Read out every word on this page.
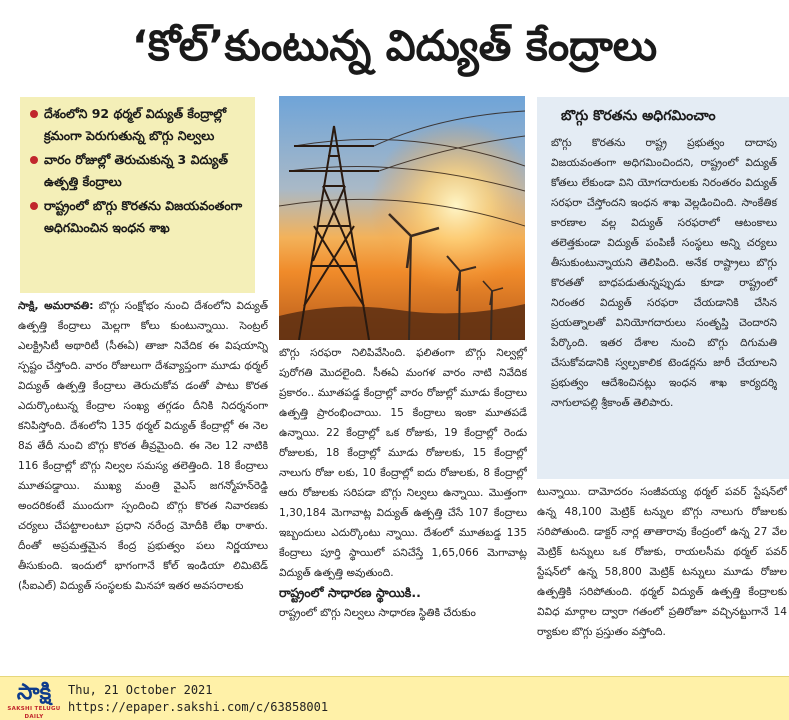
‘కోల్’కుంటున్న విద్యుత్ కేంద్రాలు
దేశంలోని 92 థర్మల్ విద్యుత్ కేంద్రాల్లో క్రమంగా పెరుగుతున్న బొగ్గు నిల్వలు
వారం రోజుల్లో తెరుచుకున్న 3 విద్యుత్ ఉత్పత్తి కేంద్రాలు
రాష్ట్రంలో బొగ్గు కొరతను విజయవంతంగా అధిగమించిన ఇంధన శాఖ
బొగ్గు కొరతను అధిగమించాం
బొగ్గు కొరతను రాష్ట్ర ప్రభుత్వం దాదాపు విజయవంతంగా అధిగమించిందని, రాష్ట్రంలో విద్యుత్ కోతలు లేకుండా విని యోగదారులకు నిరంతరం విద్యుత్ సరఫరా చేస్తోందని ఇంధన శాఖ వెల్లడించింది. సాంకేతిక కారణాల వల్ల విద్యుత్ సరఫరాలో ఆటంకాలు తలెత్తకుండా విద్యుత్ పంపిణీ సంస్థలు అన్ని చర్యలు తీసుకుంటున్నాయని తెలిపింది. అనేక రాష్ట్రాలు బొగ్గు కొరతతో బాధపడుతున్నప్పుడు కూడా రాష్ట్రంలో నిరంతర విద్యుత్ సరఫరా చేయడానికి చేసిన ప్రయత్నాలతో వినియోగదారులు సంతృప్తి చెందారని పేర్కొంది. ఇతర దేశాల నుంచి బొగ్గు దిగుమతి చేసుకోవడానికి స్వల్పకాలిక టెండర్లను జారీ చేయాలని ప్రభుత్వం ఆదేశించినట్లు ఇంధన శాఖ కార్యదర్శి నాగులాపల్లి శ్రీకాంత్ తెలిపారు.
సాక్షి, అమరావతి: బొగ్గు సంక్షోభం నుంచి దేశంలోని విద్యుత్ ఉత్పత్తి కేంద్రాలు మెల్లగా కోలు కుంటున్నాయి. సెంట్రల్ ఎలక్ట్రిసిటీ అథారిటీ (సీఈఏ) తాజా నివేదిక ఈ విషయాన్ని స్పష్టం చేస్తోంది. వారం రోజులుగా దేశవ్యాప్తంగా మూడు థర్మల్ విద్యుత్ ఉత్పత్తి కేంద్రాలు తెరుచుకోవ డంతో పాటు కొరత ఎదుర్కొంటున్న కేంద్రాల సంఖ్య తగ్గడం దీనికి నిదర్శనంగా కనిపిస్తోంది. దేశంలోని 135 థర్మల్ విద్యుత్ కేంద్రాల్లో ఈ నెల 8వ తేదీ నుంచి బొగ్గు కొరత తీవ్రమైంది. ఈ నెల 12 నాటికి 116 కేంద్రాల్లో బొగ్గు నిల్వల సమస్య తలెత్తింది. 18 కేంద్రాలు మూతపడ్డాయి. ముఖ్య మంత్రి వైఎస్ జగన్మోహన్‌రెడ్డి అందరికంటే ముందుగా స్పందించి బొగ్గు కొరత నివారణకు చర్యలు చేపట్టాలంటూ ప్రధాని నరేంద్ర మోదీకి లేఖ రాశారు. దీంతో అప్రమత్తమైన కేంద్ర ప్రభుత్వం పలు నిర్ణయాలు తీసుకుంది. ఇందులో భాగంగానే కోల్ ఇండియా లిమిటెడ్ (సీఐఎల్) విద్యుత్ సంస్థలకు మినహా ఇతర అవసరాలకు
బొగ్గు సరఫరా నిలిపివేసింది. ఫలితంగా బొగ్గు నిల్వల్లో పురోగతి మొదలైంది. సీఈఏ మంగళ వారం నాటి నివేదిక ప్రకారం.. మూతపడ్డ కేంద్రాల్లో వారం రోజుల్లో మూడు కేంద్రాలు ఉత్పత్తి ప్రారంభించాయి. 15 కేంద్రాలు ఇంకా మూతపడే ఉన్నాయి. 22 కేంద్రాల్లో ఒక రోజుకు, 19 కేంద్రాల్లో రెండు రోజులకు, 18 కేంద్రాల్లో మూడు రోజులకు, 15 కేంద్రాల్లో నాలుగు రోజు లకు, 10 కేంద్రాల్లో ఐదు రోజులకు, 8 కేంద్రాల్లో ఆరు రోజులకు సరిపడా బొగ్గు నిల్వలు ఉన్నాయి. మొత్తంగా 1,30,184 మెగావాట్ల విద్యుత్ ఉత్పత్తి చేసే 107 కేంద్రాలు ఇబ్బందులు ఎదుర్కొంటు న్నాయి. దేశంలో మూతబడ్డ 135 కేంద్రాలు పూర్తి స్థాయిలో పనిచేస్తే 1,65,066 మెగావాట్ల విద్యుత్ ఉత్పత్తి అవుతుంది.
రాష్ట్రంలో సాధారణ స్థాయికి..
రాష్ట్రంలో బొగ్గు నిల్వలు సాధారణ స్థితికి చేరుకుం
టున్నాయి. దామోదరం సంజీవయ్య థర్మల్ పవర్ స్టేషన్‌లో ఉన్న 48,100 మెట్రిక్ టన్నుల బొగ్గు నాలుగు రోజులకు సరిపోతుంది. డాక్టర్ నార్ల తాతారావు కేంద్రంలో ఉన్న 27 వేల మెట్రిక్ టన్నులు ఒక రోజుకు, రాయలసీమ థర్మల్ పవర్ స్టేషన్‌లో ఉన్న 58,800 మెట్రిక్ టన్నులు మూడు రోజుల ఉత్పత్తికి సరిపోతుంది. థర్మల్ విద్యుత్ ఉత్పత్తి కేంద్రాలకు వివిధ మార్గాల ద్వారా గతంలో ప్రతిరోజూ వచ్చినట్టుగానే 14 ర్యాకుల బొగ్గు ప్రస్తుతం వస్తోంది.
సాక్షి
SAKSHI TELUGU DAILY
Thu, 21 October 2021
https://epaper.sakshi.com/c/63858001
